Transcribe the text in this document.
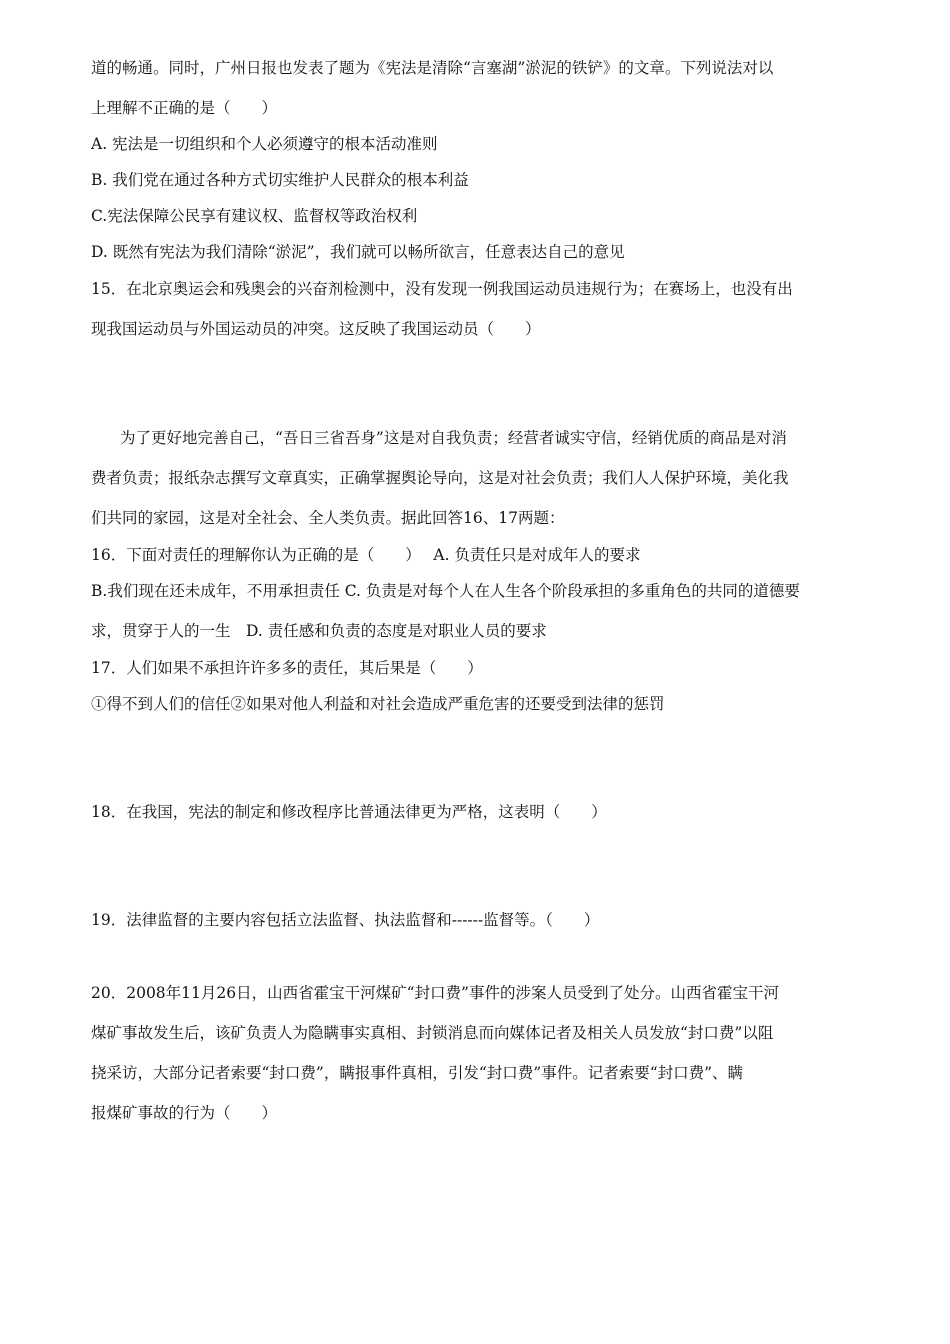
道的畅通。同时，广州日报也发表了题为《宪法是清除“言塞湖”淤泥的铁铲》的文章。下列说法对以
上理解不正确的是（　　）
A. 宪法是一切组织和个人必须遵守的根本活动准则
B. 我们党在通过各种方式切实维护人民群众的根本利益
C.宪法保障公民享有建议权、监督权等政治权利
D. 既然有宪法为我们清除“淤泥”，我们就可以畅所欲言，任意表达自己的意见
15．在北京奥运会和残奥会的兴奋剂检测中，没有发现一例我国运动员违规行为；在赛场上，也没有出
现我国运动员与外国运动员的冲突。这反映了我国运动员（　　）
为了更好地完善自己，“吾日三省吾身”这是对自我负责；经营者诚实守信，经销优质的商品是对消
费者负责；报纸杂志撰写文章真实，正确掌握舆论导向，这是对社会负责；我们人人保护环境，美化我
们共同的家园，这是对全社会、全人类负责。据此回答16、17两题：
16．下面对责任的理解你认为正确的是（　　）　 A. 负责任只是对成年人的要求
B.我们现在还未成年，不用承担责任 C. 负责是对每个人在人生各个阶段承担的多重角色的共同的道德要
求，贯穿于人的一生　D. 责任感和负责的态度是对职业人员的要求
17．人们如果不承担许许多多的责任，其后果是（　　）
①得不到人们的信任②如果对他人利益和对社会造成严重危害的还要受到法律的惩罚
18．在我国，宪法的制定和修改程序比普通法律更为严格，这表明（　　）
19．法律监督的主要内容包括立法监督、执法监督和------监督等。（　　）
20．2008年11月26日，山西省霍宝干河煤矿“封口费”事件的涉案人员受到了处分。山西省霍宝干河
煤矿事故发生后，该矿负责人为隐瞒事实真相、封锁消息而向媒体记者及相关人员发放“封口费”以阻
挠采访，大部分记者索要“封口费”，瞒报事件真相，引发“封口费”事件。记者索要“封口费”、瞒
报煤矿事故的行为（　　）
